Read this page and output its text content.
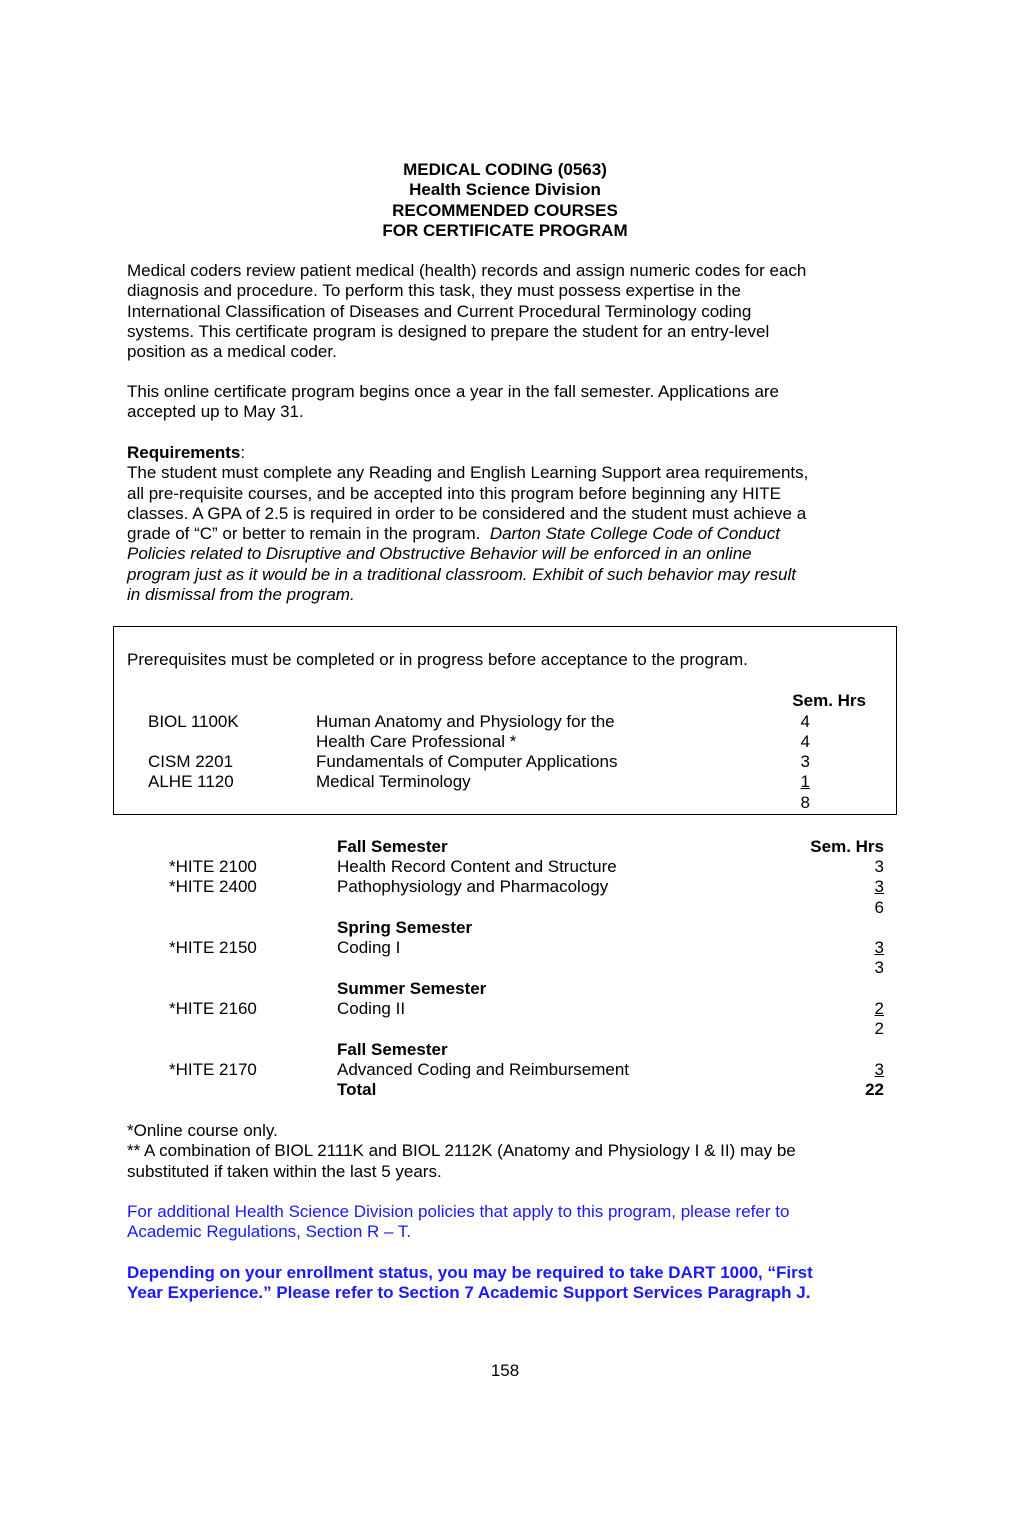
MEDICAL CODING (0563)
Health Science Division
RECOMMENDED COURSES
FOR CERTIFICATE PROGRAM
Medical coders review patient medical (health) records and assign numeric codes for each
diagnosis and procedure. To perform this task, they must possess expertise in the
International Classification of Diseases and Current Procedural Terminology coding
systems. This certificate program is designed to prepare the student for an entry-level
position as a medical coder.
This online certificate program begins once a year in the fall semester. Applications are
accepted up to May 31.
Requirements:
The student must complete any Reading and English Learning Support area requirements,
all pre-requisite courses, and be accepted into this program before beginning any HITE
classes. A GPA of 2.5 is required in order to be considered and the student must achieve a
grade of “C” or better to remain in the program.  Darton State College Code of Conduct
Policies related to Disruptive and Obstructive Behavior will be enforced in an online
program just as it would be in a traditional classroom. Exhibit of such behavior may result
in dismissal from the program.
Prerequisites must be completed or in progress before acceptance to the program.
Sem. Hrs
BIOL 1100K	Human Anatomy and Physiology for the	4
Health Care Professional *	4
CISM 2201	Fundamentals of Computer Applications	3
ALHE 1120	Medical Terminology	1
8
Fall Semester	Sem. Hrs
*HITE 2100	Health Record Content and Structure	3
*HITE 2400	Pathophysiology and Pharmacology	3
6
Spring Semester
*HITE 2150	Coding I	3
3
Summer Semester
*HITE 2160	Coding II	2
2
Fall Semester
*HITE 2170	Advanced Coding and Reimbursement	3
Total	22
*Online course only.
** A combination of BIOL 2111K and BIOL 2112K (Anatomy and Physiology I & II) may be
substituted if taken within the last 5 years.
For additional Health Science Division policies that apply to this program, please refer to
Academic Regulations, Section R – T.
Depending on your enrollment status, you may be required to take DART 1000, “First
Year Experience.” Please refer to Section 7 Academic Support Services Paragraph J.
158
